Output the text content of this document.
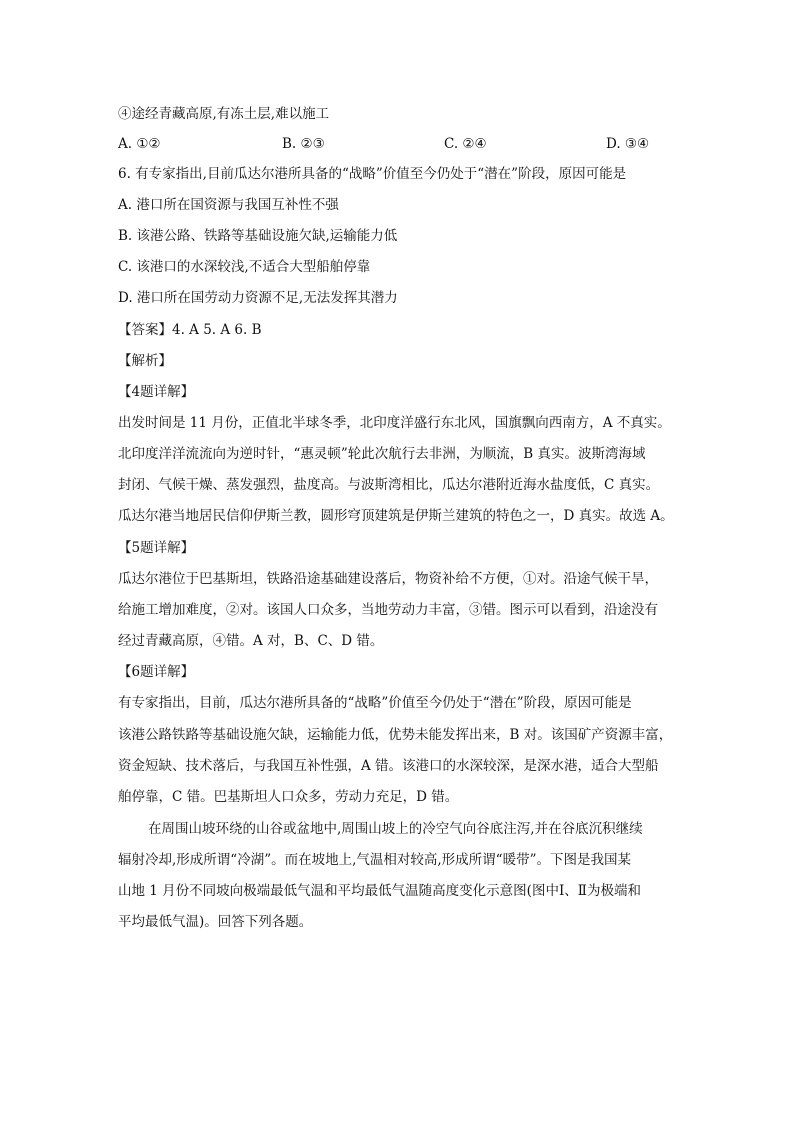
④途经青藏高原,有冻土层,难以施工
A. ①②	B. ②③	C. ②④	D. ③④
6. 有专家指出,目前瓜达尔港所具备的“战略”价值至今仍处于“潜在”阶段，原因可能是
A. 港口所在国资源与我国互补性不强
B. 该港公路、铁路等基础设施欠缺,运输能力低
C. 该港口的水深较浅,不适合大型船舶停靠
D. 港口所在国劳动力资源不足,无法发挥其潜力
【答案】4. A 5. A 6. B
【解析】
【4题详解】
出发时间是 11 月份，正值北半球冬季，北印度洋盛行东北风，国旗飘向西南方，A 不真实。
北印度洋洋流流向为逆时针，“惠灵顿”轮此次航行去非洲，为顺流，B 真实。波斯湾海域
封闭、气候干燥、蒸发强烈，盐度高。与波斯湾相比，瓜达尔港附近海水盐度低，C 真实。
瓜达尔港当地居民信仰伊斯兰教，圆形穹顶建筑是伊斯兰建筑的特色之一，D 真实。故选 A。
【5题详解】
瓜达尔港位于巴基斯坦，铁路沿途基础建设落后，物资补给不方便，①对。沿途气候干旱，
给施工增加难度，②对。该国人口众多，当地劳动力丰富，③错。图示可以看到，沿途没有
经过青藏高原，④错。A 对，B、C、D 错。
【6题详解】
有专家指出，目前，瓜达尔港所具备的“战略”价值至今仍处于“潜在”阶段，原因可能是
该港公路铁路等基础设施欠缺，运输能力低，优势未能发挥出来，B 对。该国矿产资源丰富，
资金短缺、技术落后，与我国互补性强，A 错。该港口的水深较深，是深水港，适合大型船
舶停靠，C 错。巴基斯坦人口众多，劳动力充足，D 错。
在周围山坡环绕的山谷或盆地中,周围山坡上的冷空气向谷底注泻,并在谷底沉积继续
辐射冷却,形成所谓“冷湖”。而在坡地上,气温相对较高,形成所谓“暖带”。下图是我国某
山地 1 月份不同坡向极端最低气温和平均最低气温随高度变化示意图(图中Ⅰ、Ⅱ为极端和
平均最低气温)。回答下列各题。
